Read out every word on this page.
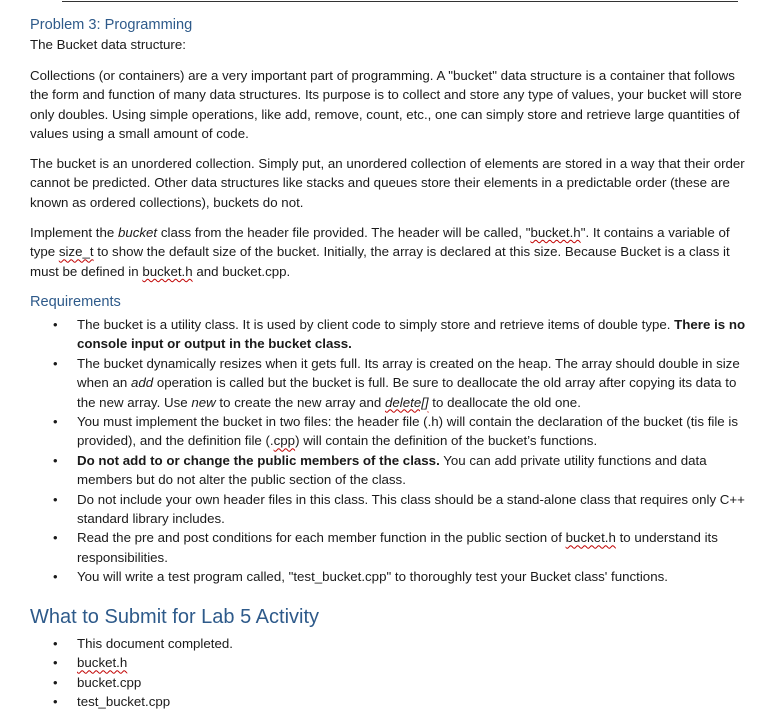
Problem 3: Programming
The Bucket data structure:
Collections (or containers) are a very important part of programming. A "bucket" data structure is a container that follows the form and function of many data structures. Its purpose is to collect and store any type of values, your bucket will store only doubles. Using simple operations, like add, remove, count, etc., one can simply store and retrieve large quantities of values using a small amount of code.
The bucket is an unordered collection. Simply put, an unordered collection of elements are stored in a way that their order cannot be predicted. Other data structures like stacks and queues store their elements in a predictable order (these are known as ordered collections), buckets do not.
Implement the bucket class from the header file provided. The header will be called, "bucket.h". It contains a variable of type size_t to show the default size of the bucket. Initially, the array is declared at this size. Because Bucket is a class it must be defined in bucket.h and bucket.cpp.
Requirements
• The bucket is a utility class. It is used by client code to simply store and retrieve items of double type. There is no console input or output in the bucket class.
• The bucket dynamically resizes when it gets full. Its array is created on the heap. The array should double in size when an add operation is called but the bucket is full. Be sure to deallocate the old array after copying its data to the new array. Use new to create the new array and delete[] to deallocate the old one.
• You must implement the bucket in two files: the header file (.h) will contain the declaration of the bucket (tis file is provided), and the definition file (.cpp) will contain the definition of the bucket’s functions.
• Do not add to or change the public members of the class. You can add private utility functions and data members but do not alter the public section of the class.
• Do not include your own header files in this class. This class should be a stand-alone class that requires only C++ standard library includes.
• Read the pre and post conditions for each member function in the public section of bucket.h to understand its responsibilities.
• You will write a test program called, "test_bucket.cpp" to thoroughly test your Bucket class' functions.
What to Submit for Lab 5 Activity
• This document completed.
• bucket.h
• bucket.cpp
• test_bucket.cpp
